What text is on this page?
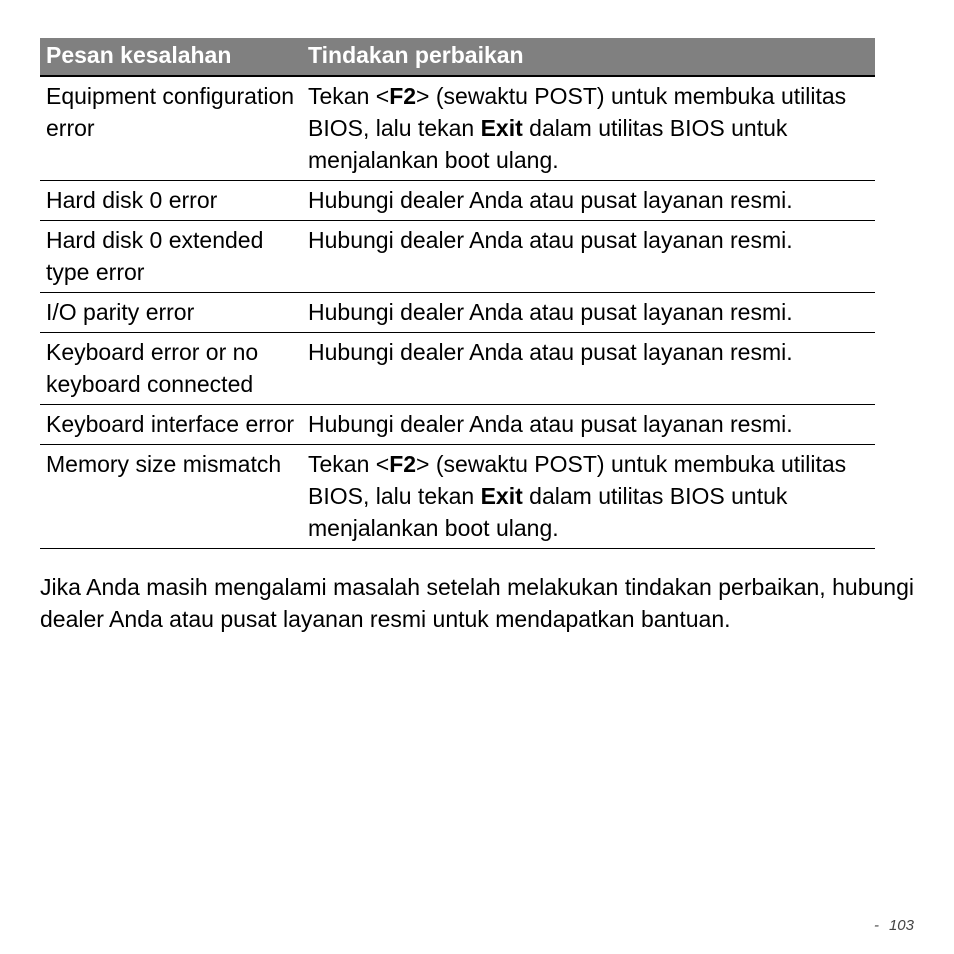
Pesan kesalahan	Tindakan perbaikan
Equipment configuration error	Tekan <F2> (sewaktu POST) untuk membuka utilitas BIOS, lalu tekan Exit dalam utilitas BIOS untuk menjalankan boot ulang.
Hard disk 0 error	Hubungi dealer Anda atau pusat layanan resmi.
Hard disk 0 extended type error	Hubungi dealer Anda atau pusat layanan resmi.
I/O parity error	Hubungi dealer Anda atau pusat layanan resmi.
Keyboard error or no keyboard connected	Hubungi dealer Anda atau pusat layanan resmi.
Keyboard interface error	Hubungi dealer Anda atau pusat layanan resmi.
Memory size mismatch	Tekan <F2> (sewaktu POST) untuk membuka utilitas BIOS, lalu tekan Exit dalam utilitas BIOS untuk menjalankan boot ulang.

Jika Anda masih mengalami masalah setelah melakukan tindakan perbaikan, hubungi dealer Anda atau pusat layanan resmi untuk mendapatkan bantuan.

- 103
